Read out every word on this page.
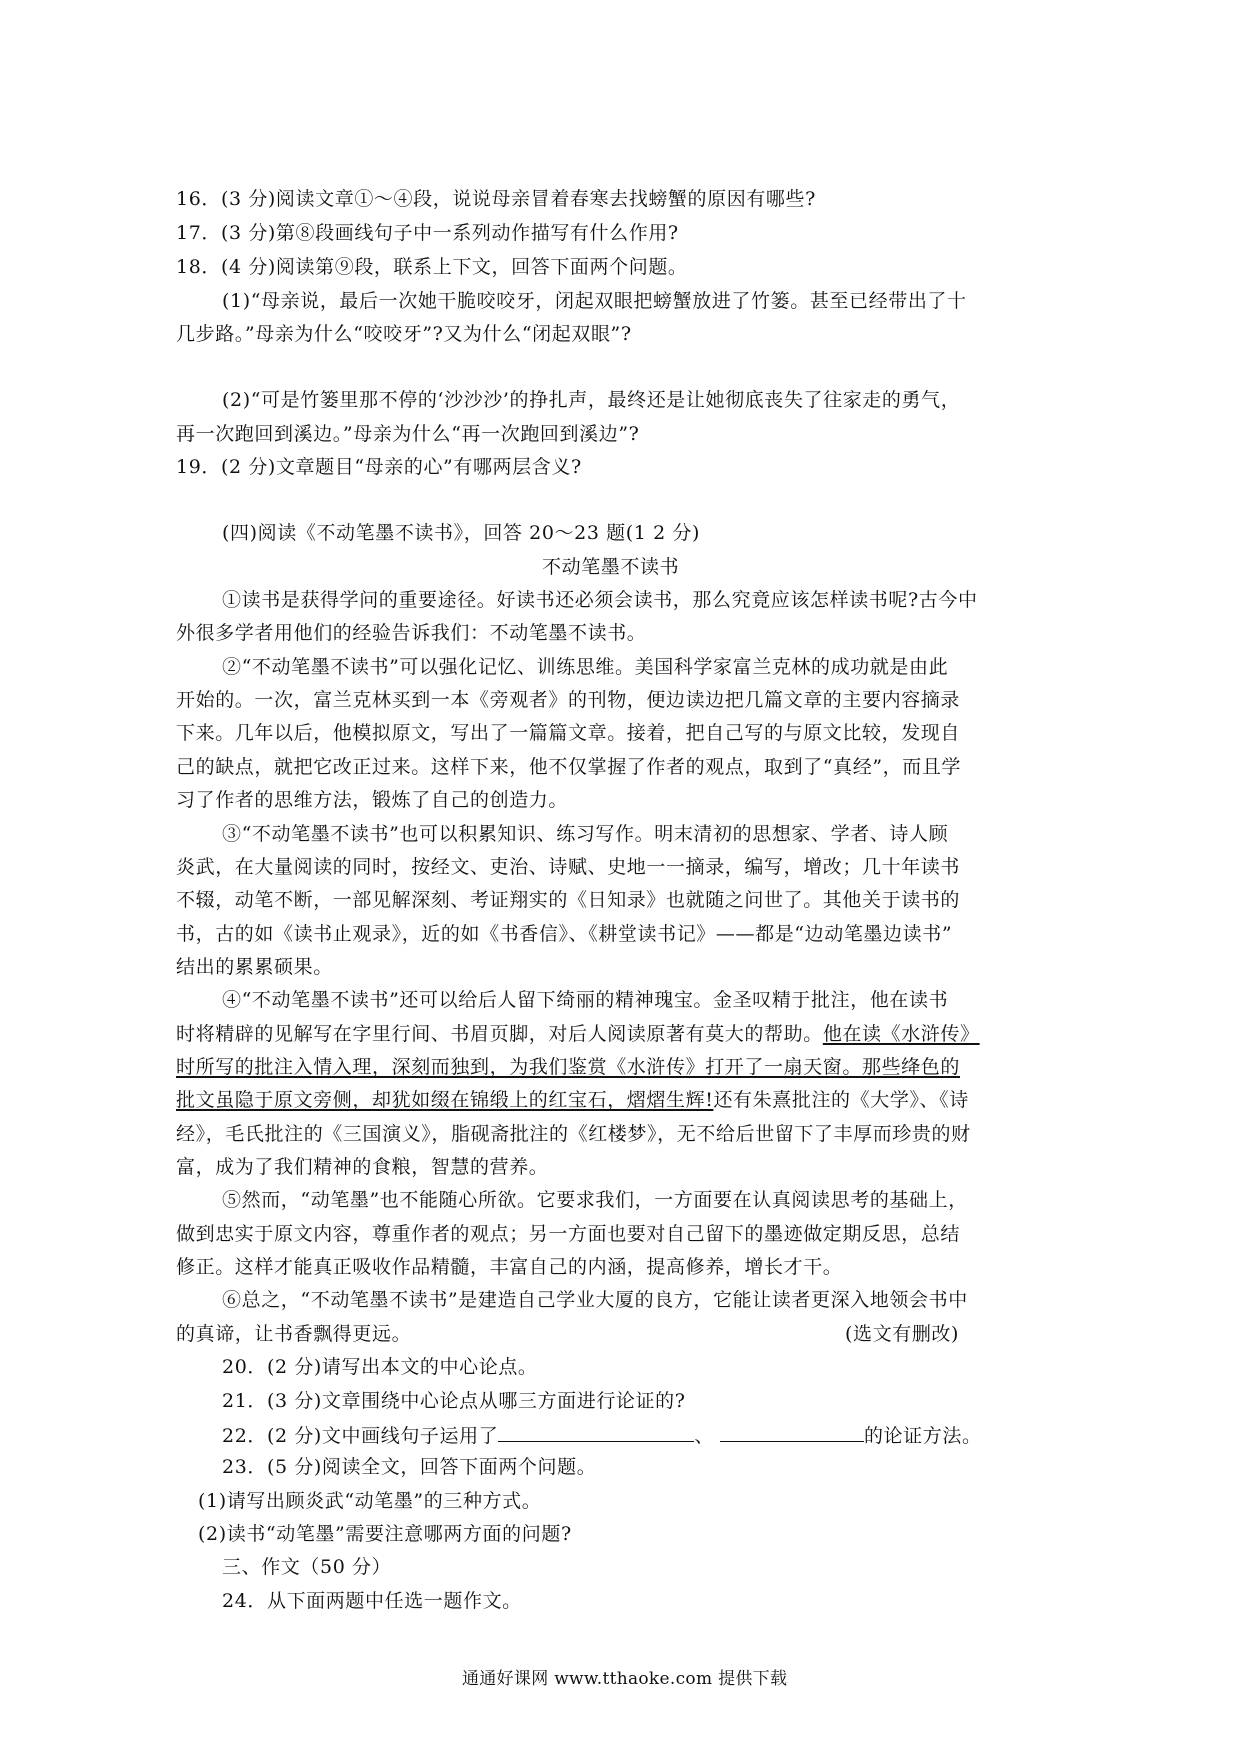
16．(3 分)阅读文章①～④段，说说母亲冒着春寒去找螃蟹的原因有哪些?
17．(3 分)第⑧段画线句子中一系列动作描写有什么作用?
18．(4 分)阅读第⑨段，联系上下文，回答下面两个问题。
(1)“母亲说，最后一次她干脆咬咬牙，闭起双眼把螃蟹放进了竹篓。甚至已经带出了十
几步路。”母亲为什么“咬咬牙”?又为什么“闭起双眼”?
(2)“可是竹篓里那不停的‘沙沙沙’的挣扎声，最终还是让她彻底丧失了往家走的勇气，
再一次跑回到溪边。”母亲为什么“再一次跑回到溪边”?
19．(2 分)文章题目“母亲的心”有哪两层含义?
(四)阅读《不动笔墨不读书》，回答 20～23 题(1 2 分)
不动笔墨不读书
①读书是获得学问的重要途径。好读书还必须会读书，那么究竟应该怎样读书呢?古今中
外很多学者用他们的经验告诉我们：不动笔墨不读书。
②“不动笔墨不读书”可以强化记忆、训练思维。美国科学家富兰克林的成功就是由此
开始的。一次，富兰克林买到一本《旁观者》的刊物，便边读边把几篇文章的主要内容摘录
下来。几年以后，他模拟原文，写出了一篇篇文章。接着，把自己写的与原文比较，发现自
己的缺点，就把它改正过来。这样下来，他不仅掌握了作者的观点，取到了“真经”，而且学
习了作者的思维方法，锻炼了自己的创造力。
③“不动笔墨不读书”也可以积累知识、练习写作。明末清初的思想家、学者、诗人顾
炎武，在大量阅读的同时，按经文、吏治、诗赋、史地一一摘录，编写，增改；几十年读书
不辍，动笔不断，一部见解深刻、考证翔实的《日知录》也就随之问世了。其他关于读书的
书，古的如《读书止观录》，近的如《书香信》、《耕堂读书记》——都是“边动笔墨边读书”
结出的累累硕果。
④“不动笔墨不读书”还可以给后人留下绮丽的精神瑰宝。金圣叹精于批注，他在读书
时将精辟的见解写在字里行间、书眉页脚，对后人阅读原著有莫大的帮助。他在读《水浒传》
时所写的批注入情入理，深刻而独到，为我们鉴赏《水浒传》打开了一扇天窗。那些绛色的
批文虽隐于原文旁侧，却犹如缀在锦缎上的红宝石，熠熠生辉!还有朱熹批注的《大学》、《诗
经》，毛氏批注的《三国演义》，脂砚斋批注的《红楼梦》，无不给后世留下了丰厚而珍贵的财
富，成为了我们精神的食粮，智慧的营养。
⑤然而，“动笔墨”也不能随心所欲。它要求我们，一方面要在认真阅读思考的基础上，
做到忠实于原文内容，尊重作者的观点；另一方面也要对自己留下的墨迹做定期反思，总结
修正。这样才能真正吸收作品精髓，丰富自己的内涵，提高修养，增长才干。
⑥总之，“不动笔墨不读书”是建造自己学业大厦的良方，它能让读者更深入地领会书中
的真谛，让书香飘得更远。	(选文有删改)
20．(2 分)请写出本文的中心论点。
21．(3 分)文章围绕中心论点从哪三方面进行论证的?
22．(2 分)文中画线句子运用了	、	的论证方法。
23．(5 分)阅读全文，回答下面两个问题。
(1)请写出顾炎武“动笔墨”的三种方式。
(2)读书“动笔墨”需要注意哪两方面的问题?
三、作文（50 分）
24．从下面两题中任选一题作文。
通通好课网 www.tthaoke.com 提供下载
